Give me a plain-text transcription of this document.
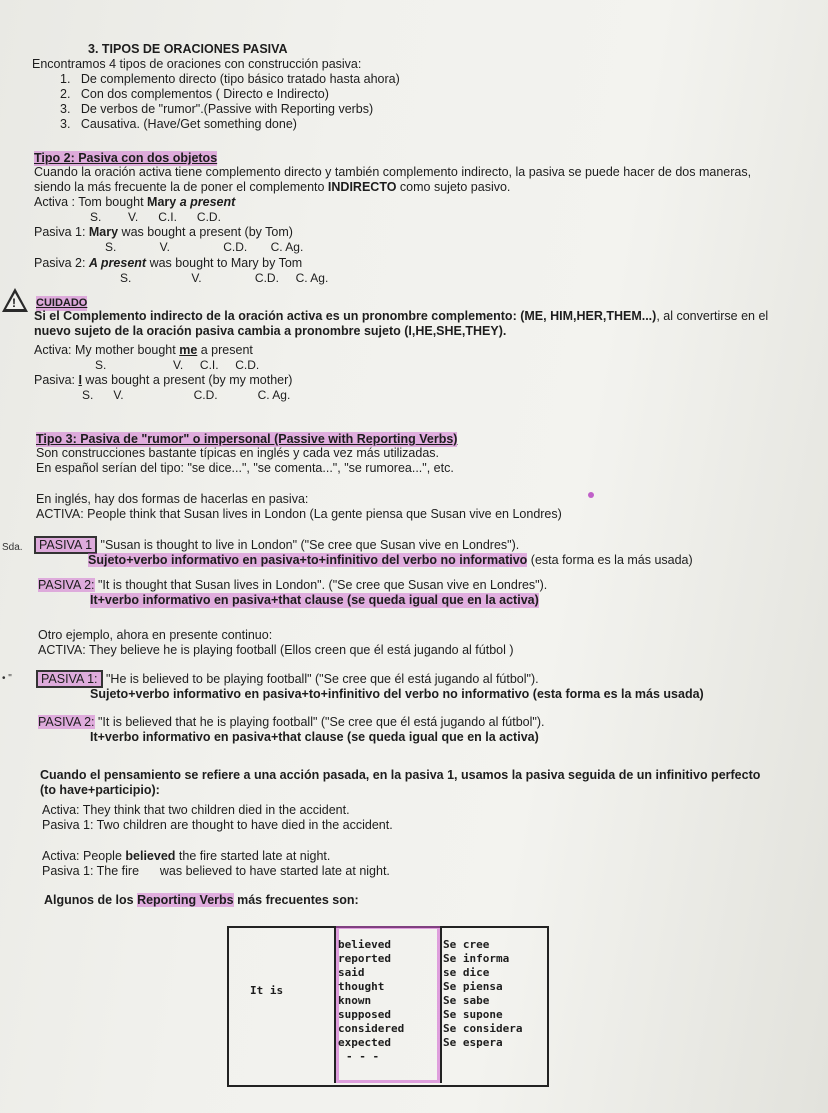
3. TIPOS DE ORACIONES PASIVA
Encontramos 4 tipos de oraciones con construcción pasiva:
1. De complemento directo (tipo básico tratado hasta ahora)
2. Con dos complementos ( Directo e Indirecto)
3. De verbos de "rumor".(Passive with Reporting verbs)
3. Causativa. (Have/Get something done)
Tipo 2: Pasiva con dos objetos
Cuando la oración activa tiene complemento directo y también complemento indirecto, la pasiva se puede hacer de dos maneras,
siendo la más frecuente la de poner el complemento INDIRECTO como sujeto pasivo.
Activa : Tom bought Mary a present
S.        V.      C.I.      C.D.
Pasiva 1: Mary was bought a present (by Tom)
S.             V.                C.D.       C. Ag.
Pasiva 2: A present was bought to Mary by Tom
S.                  V.                C.D.     C. Ag.
! CUIDADO
Si el Complemento indirecto de la oración activa es un pronombre complemento: (ME, HIM,HER,THEM...), al convertirse en el
nuevo sujeto de la oración pasiva cambia a pronombre sujeto (I,HE,SHE,THEY).
Activa: My mother bought me a present
S.                    V.     C.I.     C.D.
Pasiva: I was bought a present (by my mother)
S.      V.                     C.D.            C. Ag.
Tipo 3: Pasiva de "rumor" o impersonal (Passive with Reporting Verbs)
Son construcciones bastante típicas en inglés y cada vez más utilizadas.
En español serían del tipo: "se dice...", "se comenta...", "se rumorea...", etc.
En inglés, hay dos formas de hacerlas en pasiva:
ACTIVA: People think that Susan lives in London (La gente piensa que Susan vive en Londres)
Sda.	PASIVA 1 "Susan is thought to live in London" ("Se cree que Susan vive en Londres").
Sujeto+verbo informativo en pasiva+to+infinitivo del verbo no informativo (esta forma es la más usada)
PASIVA 2: "It is thought that Susan lives in London". ("Se cree que Susan vive en Londres").
It+verbo informativo en pasiva+that clause (se queda igual que en la activa)
Otro ejemplo, ahora en presente continuo:
ACTIVA: They believe he is playing football (Ellos creen que él está jugando al fútbol )
• "	PASIVA 1: "He is believed to be playing football" ("Se cree que él está jugando al fútbol").
Sujeto+verbo informativo en pasiva+to+infinitivo del verbo no informativo (esta forma es la más usada)
PASIVA 2: "It is believed that he is playing football" ("Se cree que él está jugando al fútbol").
It+verbo informativo en pasiva+that clause (se queda igual que en la activa)
Cuando el pensamiento se refiere a una acción pasada, en la pasiva 1, usamos la pasiva seguida de un infinitivo perfecto
(to have+participio):
Activa: They think that two children died in the accident.
Pasiva 1: Two children are thought to have died in the accident.
Activa: People believed the fire started late at night.
Pasiva 1: The fire      was believed to have started late at night.
Algunos de los Reporting Verbs más frecuentes son:
It is
believed
reported
said
thought
known
supposed
considered
expected
- - -
Se cree
Se informa
se dice
Se piensa
Se sabe
Se supone
Se considera
Se espera
